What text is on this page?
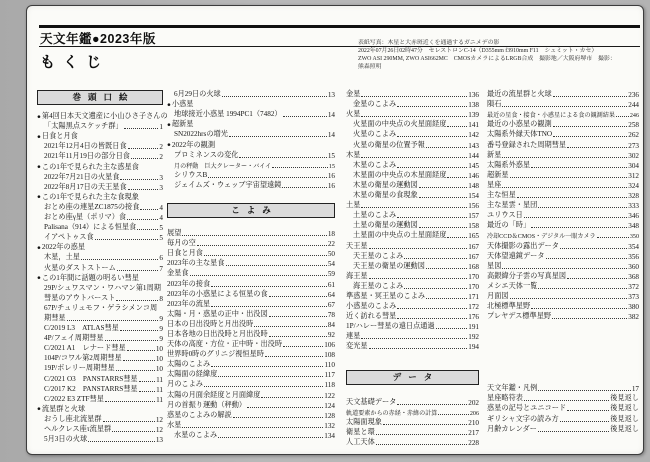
天文年鑑●2023年版
もくじ
表紙写真：木星と大赤斑近くを通過するガニメデの影
2022年07月26日02時47分　セレストロンC-14（D355mm f3910mm F11　シュミット・カセ）
ZWO ASI 290MM, ZWO ASI662MC　CMOSカメラによるLRGB合成　撮影地／大阪府堺市　撮影：
熊森照明
巻頭口絵
● 第4回日本天文遺産に小山ひさ子さんの
「太陽黒点スケッチ群」	1
● 日食と月食
2021年12月4日の皆既日食	2
2021年11月19日の部分日食	2
● この1年で見られた主な惑星食
2022年7月21日の火星食	3
2022年8月17日の天王星食	3
● この1年で見られた主な食現象
おとめ座の連星ZC1875の接食	4
おとめ座γ星（ポリマ）食	4
Palisana（914）による恒星食	5
イアペトゥス食	5
● 2022年の惑星
木星，土星	6
火星のダストストーム	7
● この1年間に話題の明るい彗星
29P/シュワスマン・ワハマン第1周期
彗星のアウトバースト	8
67P/チュリュモフ・ゲラシメンコ周
期彗星	9
C/2019 L3　ATLAS彗星	9
4P/フェイ周期彗星	9
C/2021 A1　レナード彗星	10
104P/コワル第2周期彗星	10
19P/ボレリー周期彗星	10
C/2021 O3　PANSTARRS彗星	11
C/2017 K2　PANSTARRS彗星	11
C/2022 E3 ZTF彗星	11
● 流星群と火球
おうし座北流星群	12
ヘルクレス座τ流星群	12
5月3日の火球	13
6月29日の火球	13
● 小惑星
地球接近小惑星 1994PC1（7482）	14
● 超新星
SN2022hrsの増光	14
● 2022年の観測
プロミネンスの変化	15
月の秤動　巨大クレーター・バイイ	15
シリウスB	16
ジェイムズ・ウェッブ宇宙望遠鏡	16
こよみ
展望	18
毎月の空	22
日食と月食	50
2023年の主な星食	54
金星食	59
2023年の接食	61
2023年の小惑星による恒星の食	64
2023年の流星	67
太陽・月・惑星の正中・出没図	78
日本の日出没時と月出没時	84
日本各地の日出没時と月出没時	92
天体の高度・方位・正中時・出没時	106
世界時0時のグリニジ視恒星時	108
太陽のこよみ	110
太陽面の経緯度	117
月のこよみ	118
太陽の月面余経度と月面緯度	122
月の首振り運動（秤動）	124
惑星のこよみの解説	128
水星	132
水星のこよみ	134
金星	136
金星のこよみ	138
火星	139
火星面の中央点の火星面経度	141
火星のこよみ	142
火星の衛星の位置予報	143
木星	144
木星のこよみ	145
木星面の中央点の木星面経度	146
木星の衛星の運動図	148
木星の衛星の食現象	154
土星	156
土星のこよみ	157
土星の衛星の運動図	158
土星面の中央点の土星面経度	165
天王星	167
天王星のこよみ	167
天王星の衛星の運動図	168
海王星	170
海王星のこよみ	170
準惑星・冥王星のこよみ	171
小惑星のこよみ	172
近く訪れる彗星	176
1P/ハレー彗星の遠日点通過	191
連星	192
変光星	194
データ
天文基礎データ	202
軌道要素からの赤経・赤緯の計算	206
太陽面現象	210
衛星と環	217
人工天体	228
最近の流星群と火球	236
隕石	244
最近の星食・接食・小惑星による食の観測結果 246
最近の小惑星の観測	258
太陽系外縁天体TNO	262
番号登録された周期彗星	273
新星	302
太陽系外惑星	304
超新星	312
星座	324
主な恒星	328
主な星雲・星団	333
ユリウス日	346
最近の「時」	348
冷却CCD＆CMOS・デジタル一眼カメラ	350
天体撮影の露出データ	354
天体望遠鏡データ	356
星図	360
高銀緯分子雲の写真星図	368
メシエ天体一覧	372
月面図	373
北極標準星野	380
プレヤデス標準星野	382
天文年鑑・凡例	17
星座略符表	後見返し
惑星の記号とユニコード	後見返し
ギリシャ文字の読み方	後見返し
月齢カレンダー	後見返し
